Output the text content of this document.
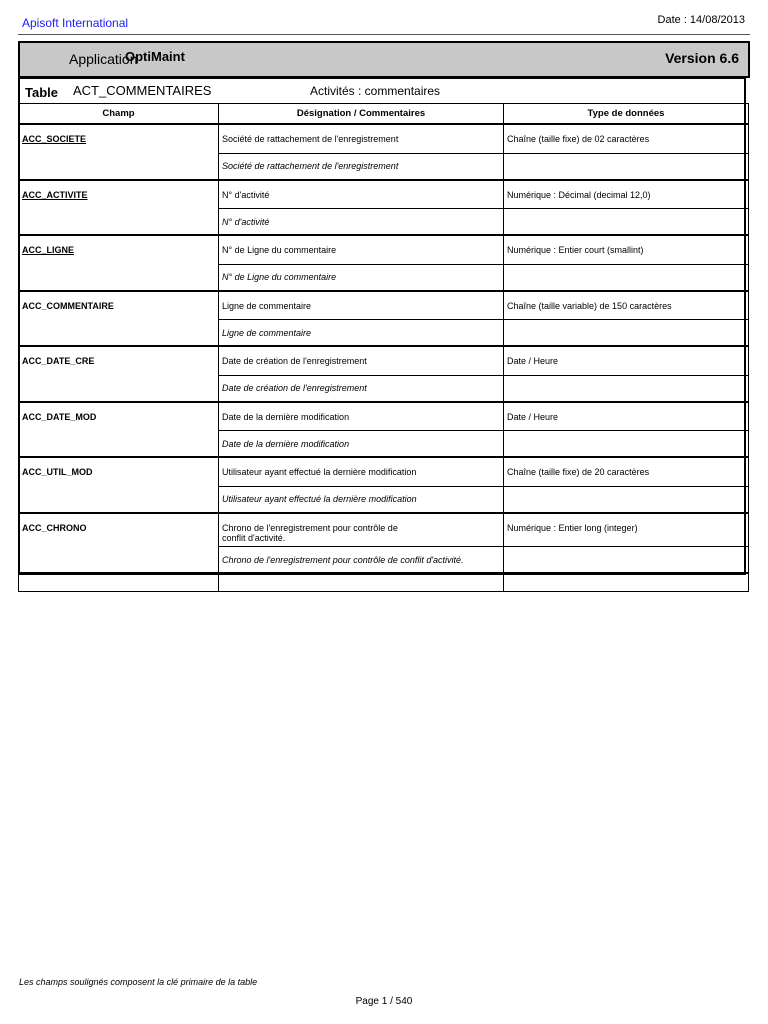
Apisoft International	Date : 14/08/2013
Application
OptiMaint	Version 6.6
Table ACT_COMMENTAIRES	Activités : commentaires
Champ	Désignation / Commentaires	Type de données
ACC_SOCIETE	Société de rattachement de l'enregistrement	Chaîne (taille fixe) de 02 caractères
	Société de rattachement de l'enregistrement	
ACC_ACTIVITE	N° d'activité	Numérique : Décimal (decimal 12,0)
	N° d'activité	
ACC_LIGNE	N° de Ligne du commentaire	Numérique : Entier court (smallint)
	N° de Ligne du commentaire	
ACC_COMMENTAIRE	Ligne de commentaire	Chaîne (taille variable) de 150 caractères
	Ligne de commentaire	
ACC_DATE_CRE	Date de création de l'enregistrement	Date / Heure
	Date de création de l'enregistrement	
ACC_DATE_MOD	Date de la dernière modification	Date / Heure
	Date de la dernière modification	
ACC_UTIL_MOD	Utilisateur ayant effectué la dernière modification	Chaîne (taille fixe) de 20 caractères
	Utilisateur ayant effectué la dernière modification	
ACC_CHRONO	Chrono de l'enregistrement pour contrôle de conflit d'activité.	Numérique : Entier long (integer)
	Chrono de l'enregistrement pour contrôle de conflit d'activité.	

Les champs soulignés composent la clé primaire de la table
Page 1 / 540
